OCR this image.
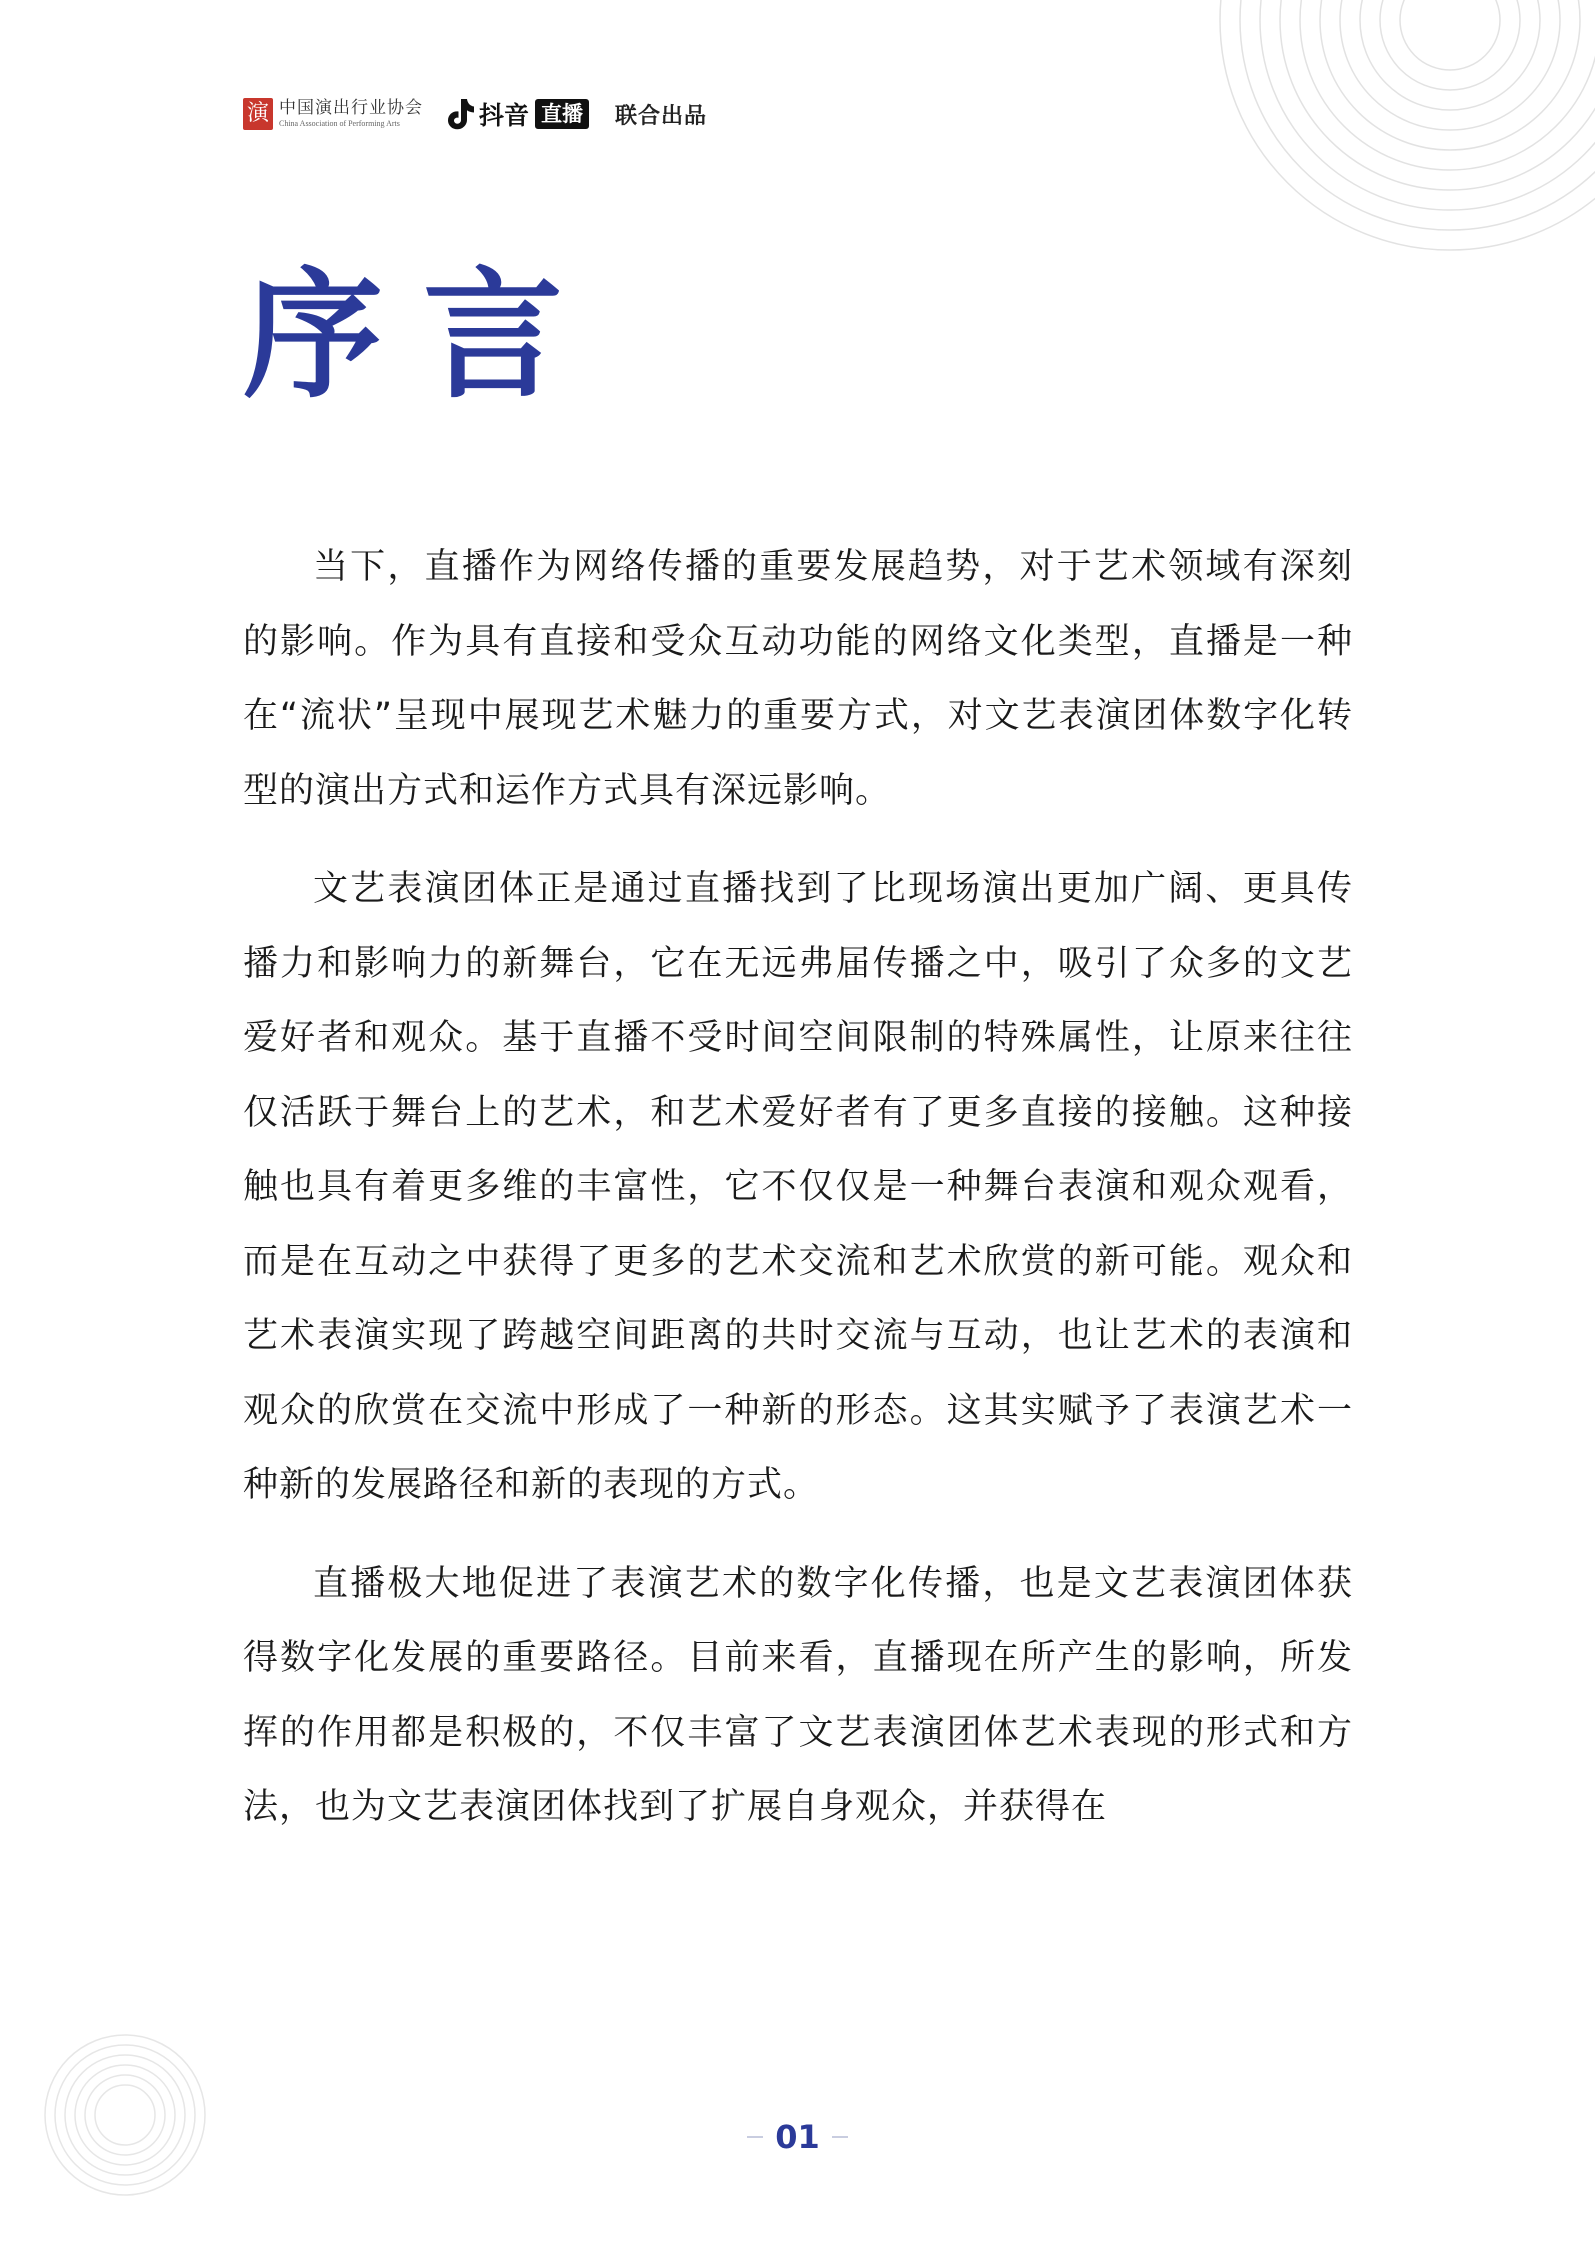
演 中国演出行业协会
China Association of Performing Arts	抖音 直播 联合出品
序言

当下，直播作为网络传播的重要发展趋势，对于艺术领域有深刻的影响。作为具有直接和受众互动功能的网络文化类型，直播是一种在“流状”呈现中展现艺术魅力的重要方式，对文艺表演团体数字化转型的演出方式和运作方式具有深远影响。

文艺表演团体正是通过直播找到了比现场演出更加广阔、更具传播力和影响力的新舞台，它在无远弗届传播之中，吸引了众多的文艺爱好者和观众。基于直播不受时间空间限制的特殊属性，让原来往往仅活跃于舞台上的艺术，和艺术爱好者有了更多直接的接触。这种接触也具有着更多维的丰富性，它不仅仅是一种舞台表演和观众观看，而是在互动之中获得了更多的艺术交流和艺术欣赏的新可能。观众和艺术表演实现了跨越空间距离的共时交流与互动，也让艺术的表演和观众的欣赏在交流中形成了一种新的形态。这其实赋予了表演艺术一种新的发展路径和新的表现的方式。

直播极大地促进了表演艺术的数字化传播，也是文艺表演团体获得数字化发展的重要路径。目前来看，直播现在所产生的影响，所发挥的作用都是积极的，不仅丰富了文艺表演团体艺术表现的形式和方法，也为文艺表演团体找到了扩展自身观众，并获得在

01
